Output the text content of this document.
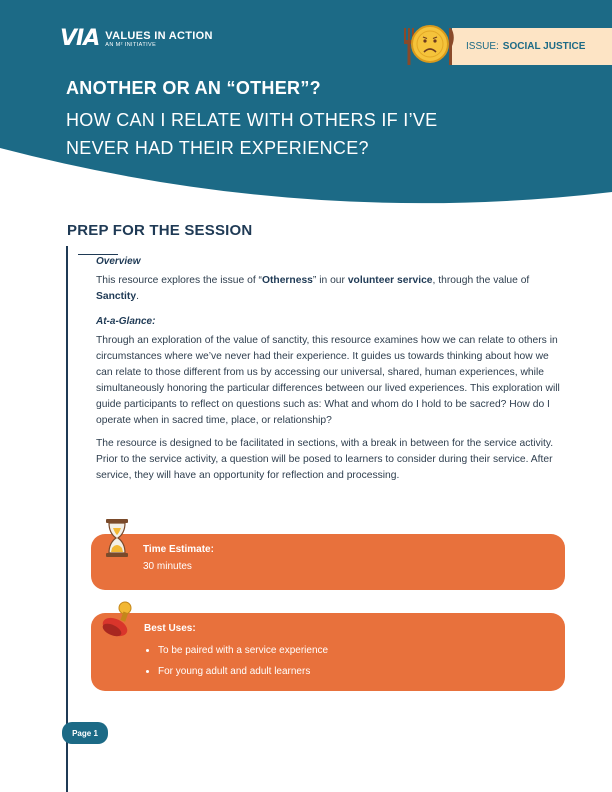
VIA VALUES IN ACTION
AN M² INITIATIVE	ISSUE: SOCIAL JUSTICE
ANOTHER OR AN “OTHER”?
HOW CAN I RELATE WITH OTHERS IF I’VE NEVER HAD THEIR EXPERIENCE?
PREP FOR THE SESSION

Overview

This resource explores the issue of “Otherness” in our volunteer service, through the value of Sanctity.

At-a-Glance:

Through an exploration of the value of sanctity, this resource examines how we can relate to others in circumstances where we’ve never had their experience. It guides us towards thinking about how we can relate to those different from us by accessing our universal, shared, human experiences, while simultaneously honoring the particular differences between our lived experiences. This exploration will guide participants to reflect on questions such as: What and whom do I hold to be sacred? How do I operate when in sacred time, place, or relationship?

The resource is designed to be facilitated in sections, with a break in between for the service activity. Prior to the service activity, a question will be posed to learners to consider during their service. After service, they will have an opportunity for reflection and processing.

Time Estimate:

30 minutes

Best Uses:

• To be paired with a service experience
• For young adult and adult learners
Page 1
